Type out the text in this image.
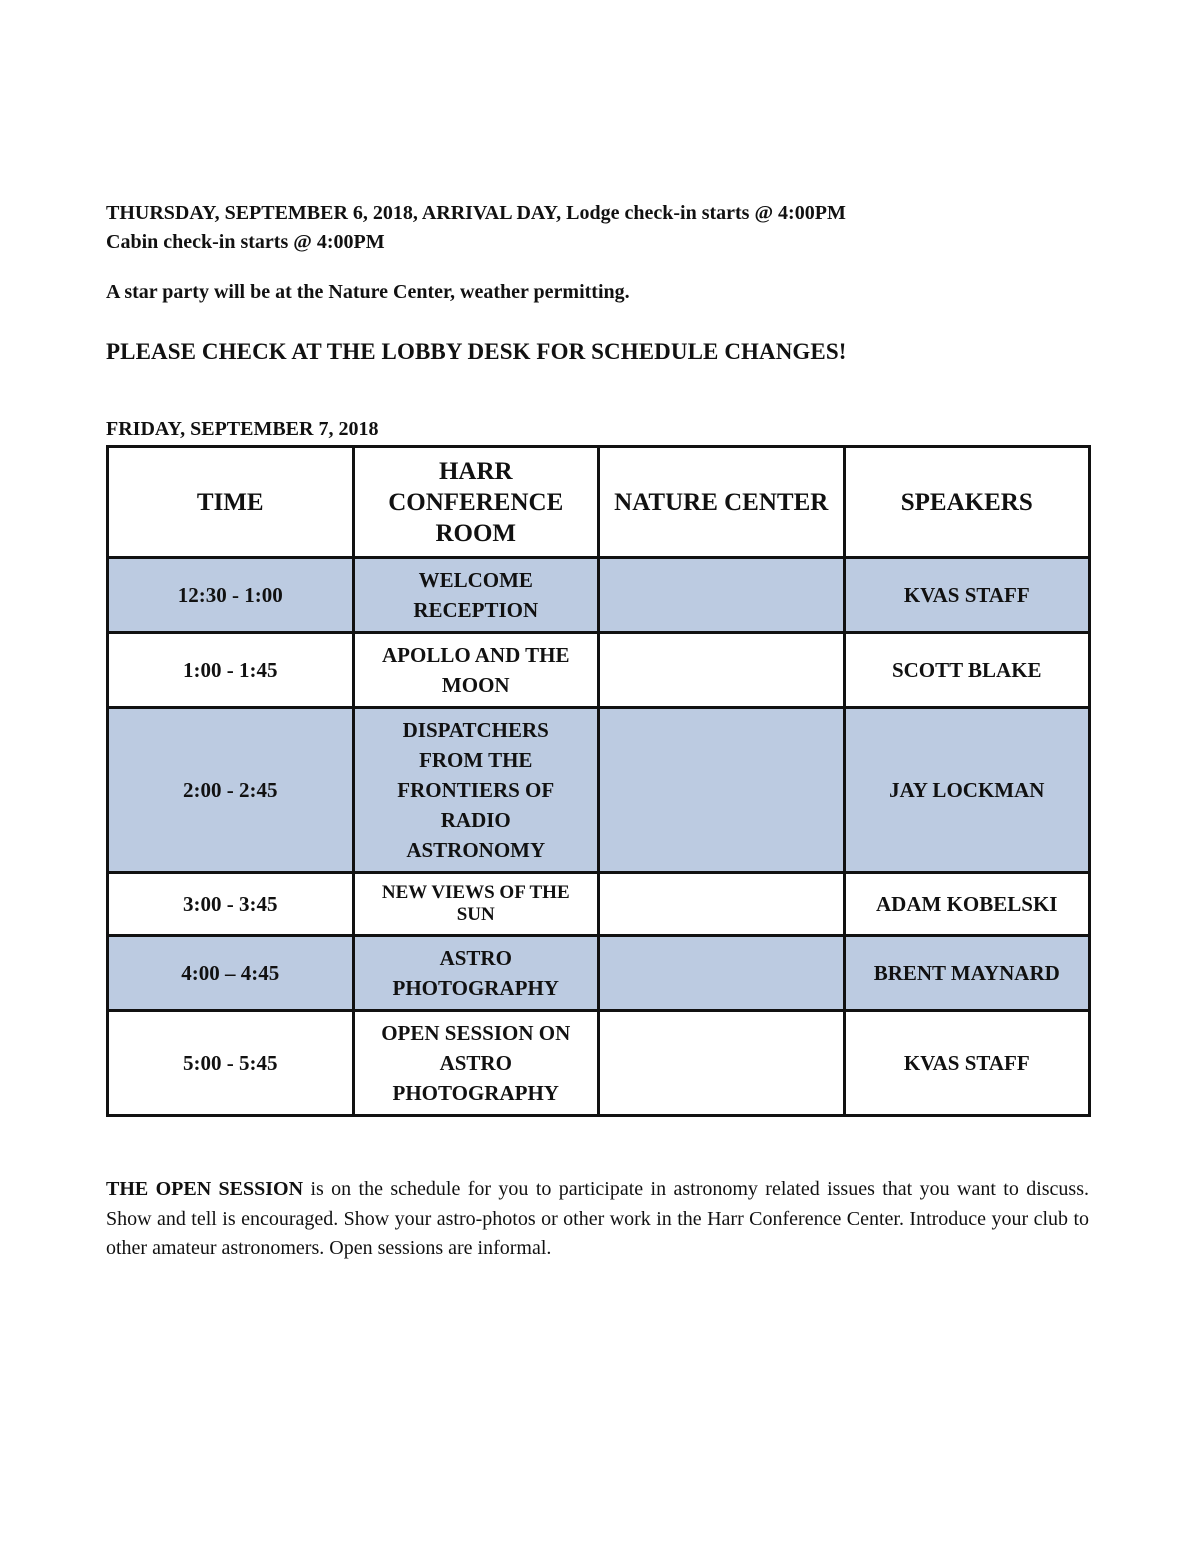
THURSDAY, SEPTEMBER 6, 2018, ARRIVAL DAY, Lodge check-in starts @ 4:00PM
Cabin check-in starts @ 4:00PM
A star party will be at the Nature Center, weather permitting.
PLEASE CHECK AT THE LOBBY DESK FOR SCHEDULE CHANGES!
FRIDAY, SEPTEMBER 7, 2018
TIME	HARR CONFERENCE ROOM	NATURE CENTER	SPEAKERS
12:30 - 1:00	WELCOME RECEPTION		KVAS STAFF
1:00 - 1:45	APOLLO AND THE MOON		SCOTT BLAKE
2:00 - 2:45	DISPATCHERS FROM THE FRONTIERS OF RADIO ASTRONOMY		JAY LOCKMAN
3:00 - 3:45	NEW VIEWS OF THE SUN		ADAM KOBELSKI
4:00 – 4:45	ASTRO PHOTOGRAPHY		BRENT MAYNARD
5:00 - 5:45	OPEN SESSION ON ASTRO PHOTOGRAPHY		KVAS STAFF

THE OPEN SESSION is on the schedule for you to participate in astronomy related issues that you want to discuss. Show and tell is encouraged. Show your astro-photos or other work in the Harr Conference Center. Introduce your club to other amateur astronomers. Open sessions are informal.
